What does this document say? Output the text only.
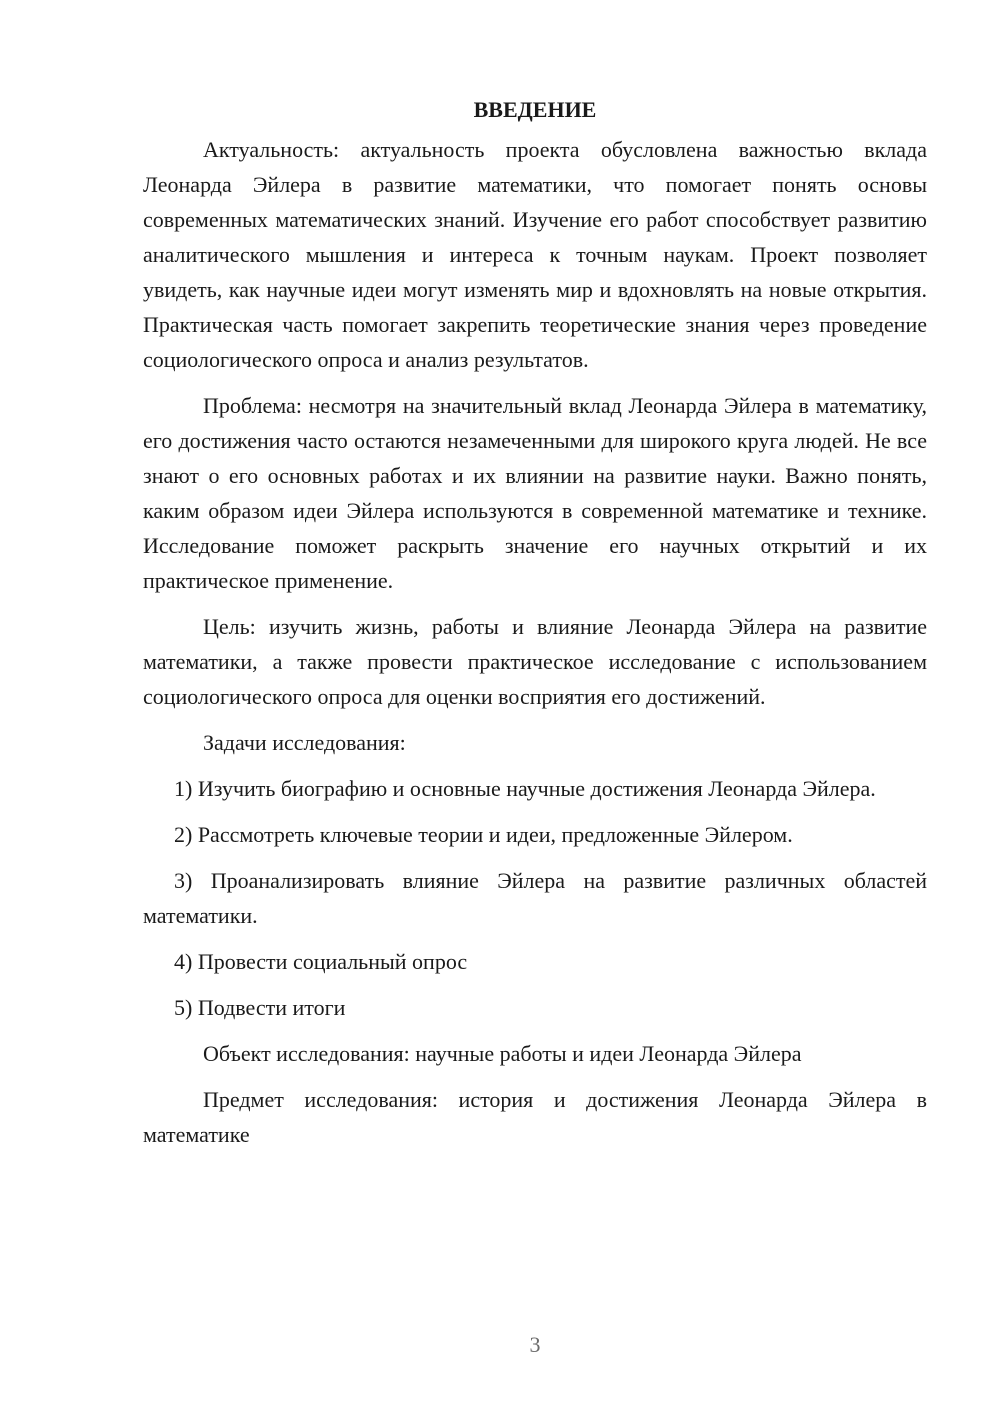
ВВЕДЕНИЕ

Актуальность: актуальность проекта обусловлена важностью вклада Леонарда Эйлера в развитие математики, что помогает понять основы современных математических знаний. Изучение его работ способствует развитию аналитического мышления и интереса к точным наукам. Проект позволяет увидеть, как научные идеи могут изменять мир и вдохновлять на новые открытия. Практическая часть помогает закрепить теоретические знания через проведение социологического опроса и анализ результатов.

Проблема: несмотря на значительный вклад Леонарда Эйлера в математику, его достижения часто остаются незамеченными для широкого круга людей. Не все знают о его основных работах и их влиянии на развитие науки. Важно понять, каким образом идеи Эйлера используются в современной математике и технике. Исследование поможет раскрыть значение его научных открытий и их практическое применение.

Цель: изучить жизнь, работы и влияние Леонарда Эйлера на развитие математики, а также провести практическое исследование с использованием социологического опроса для оценки восприятия его достижений.

Задачи исследования:

1) Изучить биографию и основные научные достижения Леонарда Эйлера.

2) Рассмотреть ключевые теории и идеи, предложенные Эйлером.

3) Проанализировать влияние Эйлера на развитие различных областей математики.

4) Провести социальный опрос

5) Подвести итоги

Объект исследования: научные работы и идеи Леонарда Эйлера

Предмет исследования: история и достижения Леонарда Эйлера в математике

3
